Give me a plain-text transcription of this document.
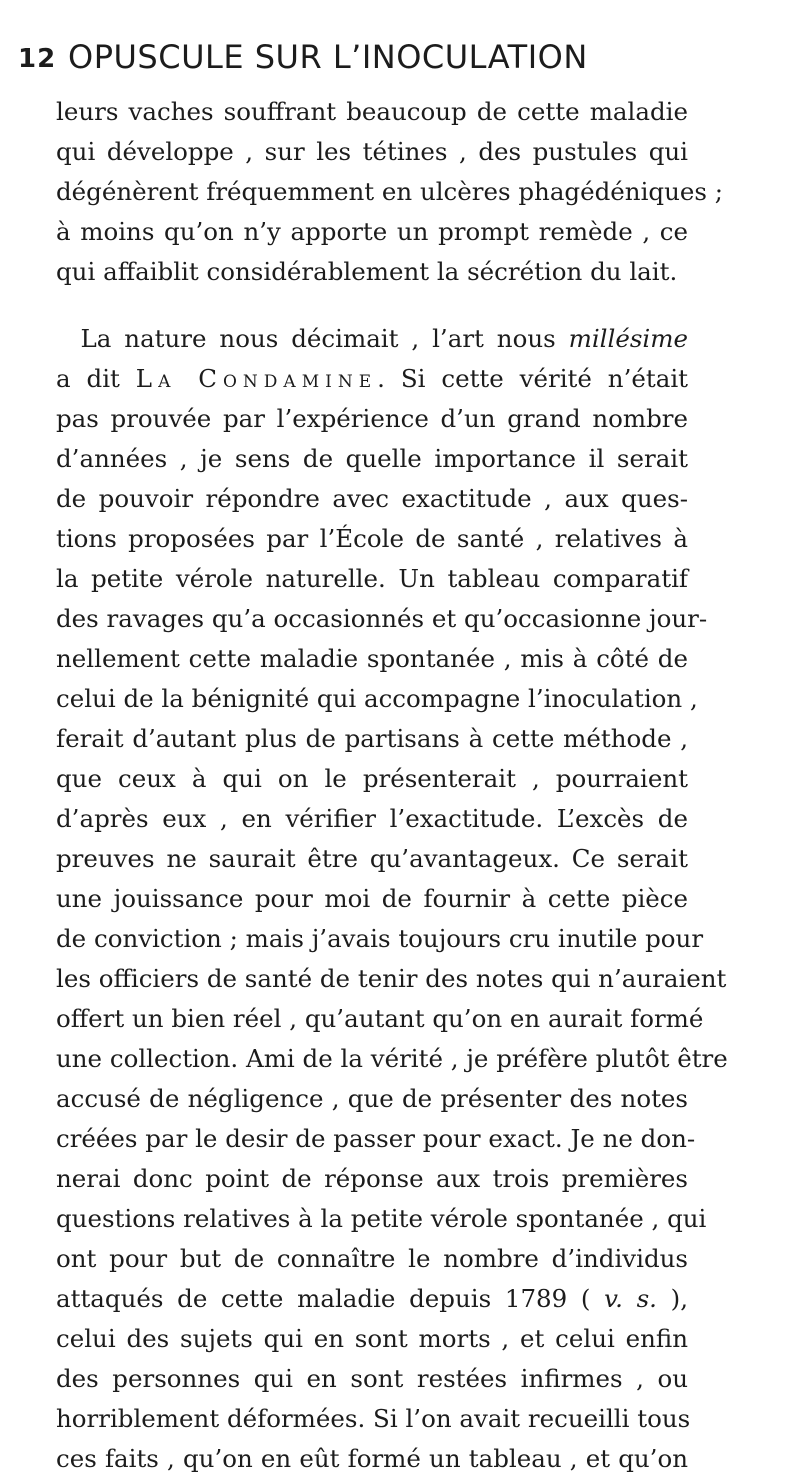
12 OPUSCULE SUR L’INOCULATION
leurs vaches souffrant beaucoup de cette maladie
qui développe , sur les tétines , des pustules qui
dégénèrent fréquemment en ulcères phagédéniques ;
à moins qu’on n’y apporte un prompt remède , ce
qui affaiblit considérablement la sécrétion du lait.
 La nature nous décimait , l’art nous millésime
a dit La Condamine. Si cette vérité n’était
pas prouvée par l’expérience d’un grand nombre
d’années , je sens de quelle importance il serait
de pouvoir répondre avec exactitude , aux ques-
tions proposées par l’École de santé , relatives à
la petite vérole naturelle. Un tableau comparatif
des ravages qu’a occasionnés et qu’occasionne jour-
nellement cette maladie spontanée , mis à côté de
celui de la bénignité qui accompagne l’inoculation ,
ferait d’autant plus de partisans à cette méthode ,
que ceux à qui on le présenterait , pourraient
d’après eux , en vérifier l’exactitude. L’excès de
preuves ne saurait être qu’avantageux. Ce serait
une jouissance pour moi de fournir à cette pièce
de conviction ; mais j’avais toujours cru inutile pour
les officiers de santé de tenir des notes qui n’auraient
offert un bien réel , qu’autant qu’on en aurait formé
une collection. Ami de la vérité , je préfère plutôt être
accusé de négligence , que de présenter des notes
créées par le desir de passer pour exact. Je ne don-
nerai donc point de réponse aux trois premières
questions relatives à la petite vérole spontanée , qui
ont pour but de connaître le nombre d’individus
attaqués de cette maladie depuis 1789 ( v. s. ),
celui des sujets qui en sont morts , et celui enfin
des personnes qui en sont restées infirmes , ou
horriblement déformées. Si l’on avait recueilli tous
ces faits , qu’on en eût formé un tableau , et qu’on
